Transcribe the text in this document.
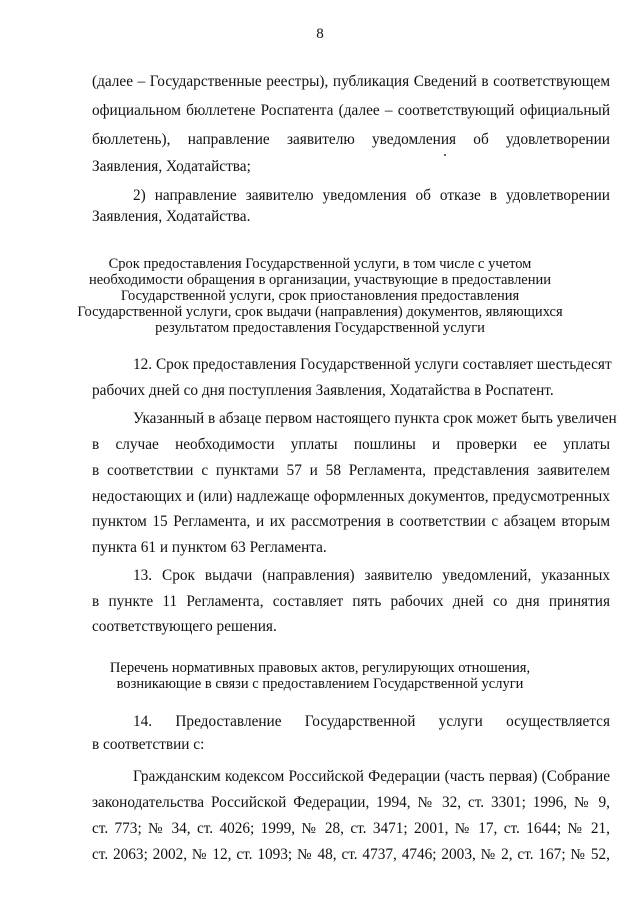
8
(далее – Государственные реестры), публикация Сведений в соответствующем
официальном бюллетене Роспатента (далее – соответствующий официальный
бюллетень), направление заявителю уведомления об удовлетворении
Заявления, Ходатайства;
2) направление заявителю уведомления об отказе в удовлетворении
Заявления, Ходатайства.
Срок предоставления Государственной услуги, в том числе с учетом
необходимости обращения в организации, участвующие в предоставлении
Государственной услуги, срок приостановления предоставления
Государственной услуги, срок выдачи (направления) документов, являющихся
результатом предоставления Государственной услуги
12. Срок предоставления Государственной услуги составляет шестьдесят
рабочих дней со дня поступления Заявления, Ходатайства в Роспатент.
Указанный в абзаце первом настоящего пункта срок может быть увеличен
в случае необходимости уплаты пошлины и проверки ее уплаты
в соответствии с пунктами 57 и 58 Регламента, представления заявителем
недостающих и (или) надлежаще оформленных документов, предусмотренных
пунктом 15 Регламента, и их рассмотрения в соответствии с абзацем вторым
пункта 61 и пунктом 63 Регламента.
13. Срок выдачи (направления) заявителю уведомлений, указанных
в пункте 11 Регламента, составляет пять рабочих дней со дня принятия
соответствующего решения.
Перечень нормативных правовых актов, регулирующих отношения,
возникающие в связи с предоставлением Государственной услуги
14. Предоставление Государственной услуги осуществляется
в соответствии с:
Гражданским кодексом Российской Федерации (часть первая) (Собрание
законодательства Российской Федерации, 1994, № 32, ст. 3301; 1996, № 9,
ст. 773; № 34, ст. 4026; 1999, № 28, ст. 3471; 2001, № 17, ст. 1644; № 21,
ст. 2063; 2002, № 12, ст. 1093; № 48, ст. 4737, 4746; 2003, № 2, ст. 167; № 52,
